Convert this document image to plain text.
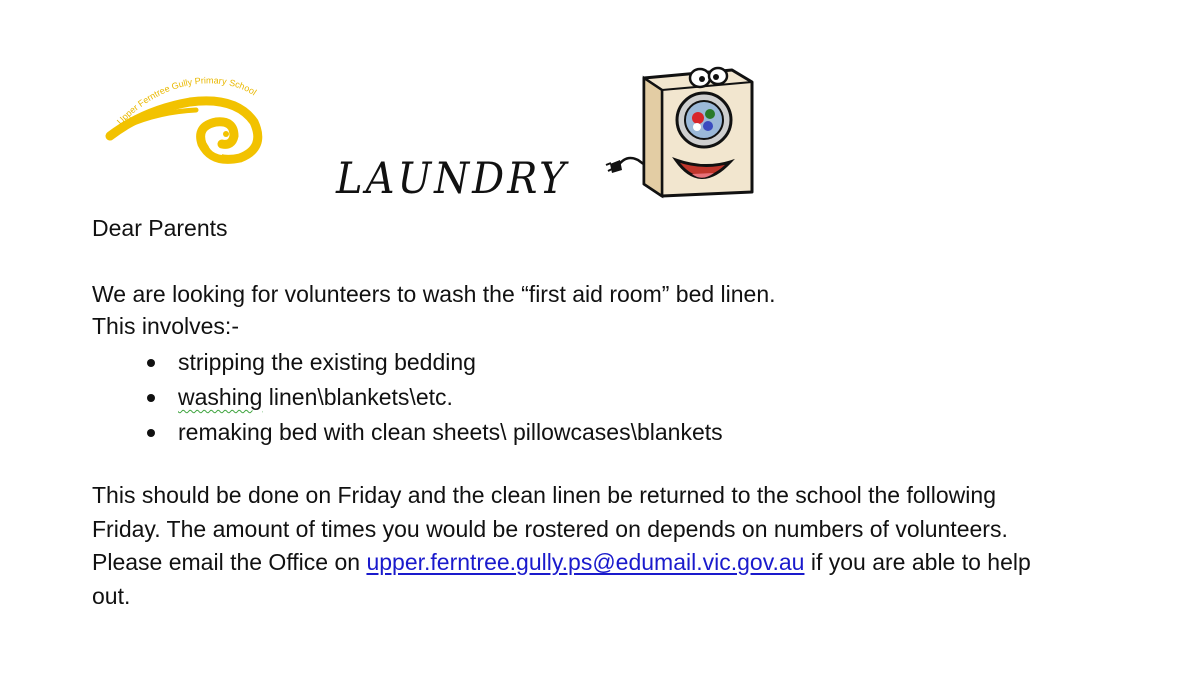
Upper Ferntree Gully Primary School
LAUNDRY

Dear Parents

We are looking for volunteers to wash the “first aid room” bed linen.

This involves:-

stripping the existing bedding
washing linen\blankets\etc.
remaking bed with clean sheets\ pillowcases\blankets

This should be done on Friday and the clean linen be returned to the school the following
Friday. The amount of times you would be rostered on depends on numbers of volunteers.
Please email the Office on upper.ferntree.gully.ps@edumail.vic.gov.au if you are able to help
out.
